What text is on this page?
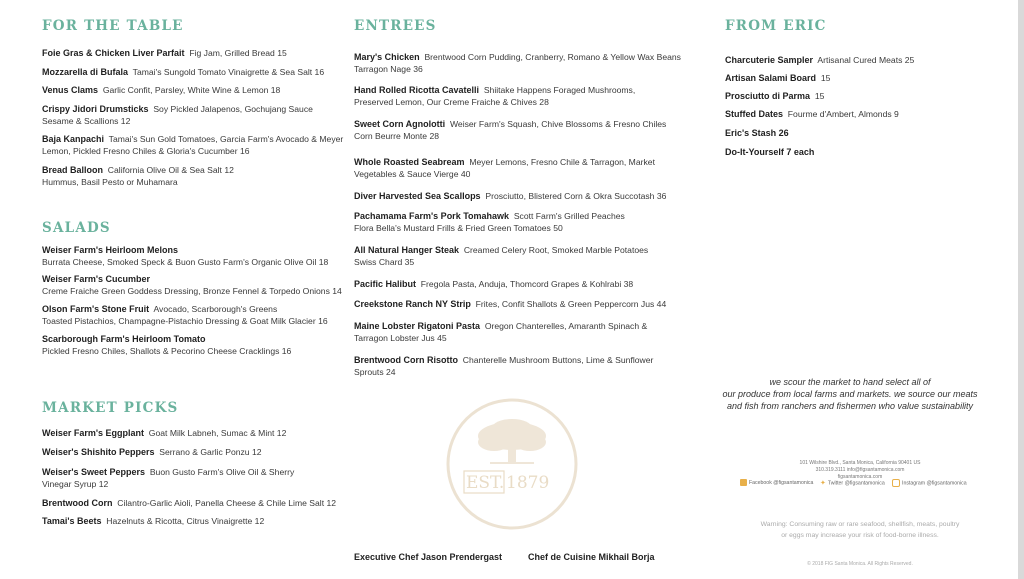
FOR THE TABLE
Foie Gras & Chicken Liver Parfait Fig Jam, Grilled Bread 15
Mozzarella di Bufala Tamai's Sungold Tomato Vinaigrette & Sea Salt 16
Venus Clams Garlic Confit, Parsley, White Wine & Lemon 18
Crispy Jidori Drumsticks Soy Pickled Jalapenos, Gochujang Sauce
Sesame & Scallions 12
Baja Kanpachi Tamai's Sun Gold Tomatoes, Garcia Farm's Avocado & Meyer
Lemon, Pickled Fresno Chiles & Gloria's Cucumber 16
Bread Balloon California Olive Oil & Sea Salt 12
Hummus, Basil Pesto or Muhamara
SALADS
Weiser Farm's Heirloom Melons
Burrata Cheese, Smoked Speck & Buon Gusto Farm's Organic Olive Oil 18
Weiser Farm's Cucumber
Creme Fraiche Green Goddess Dressing, Bronze Fennel & Torpedo Onions 14
Olson Farm's Stone Fruit Avocado, Scarborough's Greens
Toasted Pistachios, Champagne-Pistachio Dressing & Goat Milk Glacier 16
Scarborough Farm's Heirloom Tomato
Pickled Fresno Chiles, Shallots & Pecorino Cheese Cracklings 16
MARKET PICKS
Weiser Farm's Eggplant Goat Milk Labneh, Sumac & Mint 12
Weiser's Shishito Peppers Serrano & Garlic Ponzu 12
Weiser's Sweet Peppers Buon Gusto Farm's Olive Oil & Sherry
Vinegar Syrup 12
Brentwood Corn Cilantro-Garlic Aioli, Panella Cheese & Chile Lime Salt 12
Tamai's Beets Hazelnuts & Ricotta, Citrus Vinaigrette 12
ENTREES
Mary's Chicken Brentwood Corn Pudding, Cranberry, Romano & Yellow Wax Beans
Tarragon Nage 36
Hand Rolled Ricotta Cavatelli Shiitake Happens Foraged Mushrooms,
Preserved Lemon, Our Creme Fraiche & Chives 28
Sweet Corn Agnolotti Weiser Farm's Squash, Chive Blossoms & Fresno Chiles
Corn Beurre Monte 28
Whole Roasted Seabream Meyer Lemons, Fresno Chile & Tarragon, Market
Vegetables & Sauce Vierge 40
Diver Harvested Sea Scallops Prosciutto, Blistered Corn & Okra Succotash 36
Pachamama Farm's Pork Tomahawk Scott Farm's Grilled Peaches
Flora Bella's Mustard Frills & Fried Green Tomatoes 50
All Natural Hanger Steak Creamed Celery Root, Smoked Marble Potatoes
Swiss Chard 35
Pacific Halibut Fregola Pasta, Anduja, Thomcord Grapes & Kohlrabi 38
Creekstone Ranch NY Strip Frites, Confit Shallots & Green Peppercorn Jus 44
Maine Lobster Rigatoni Pasta Oregon Chanterelles, Amaranth Spinach &
Tarragon Lobster Jus 45
Brentwood Corn Risotto Chanterelle Mushroom Buttons, Lime & Sunflower
Sprouts 24
Executive Chef Jason Prendergast	Chef de Cuisine Mikhail Borja
EST. 1879
FROM ERIC
Charcuterie Sampler Artisanal Cured Meats 25
Artisan Salami Board 15
Prosciutto di Parma 15
Stuffed Dates Fourme d'Ambert, Almonds 9
Eric's Stash 26
Do-It-Yourself 7 each
we scour the market to hand select all of
our produce from local farms and markets. we source our meats
and fish from ranchers and fishermen who value sustainability
101 Wilshire Blvd., Santa Monica, California 90401 US
310.319.3111 info@figsantamonica.com
figsantamonica.com
Facebook @figsantamonica ✦ Twitter @figsantamonica	Instagram @figsantamonica
Warning: Consuming raw or rare seafood, shellfish, meats, poultry
or eggs may increase your risk of food-borne illness.
© 2018 FIG Santa Monica. All Rights Reserved.
